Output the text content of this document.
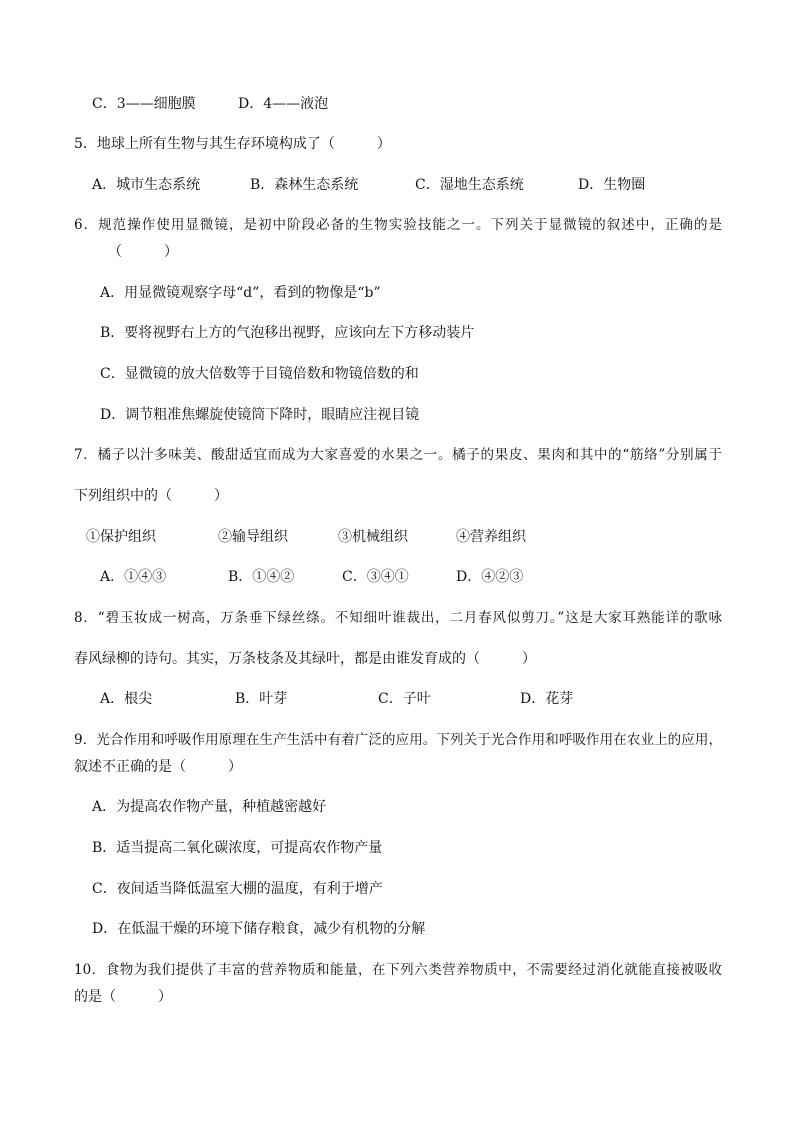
C．3——细胞膜	D．4——液泡
5．地球上所有生物与其生存环境构成了（　　　）
A．城市生态系统	B．森林生态系统	C．湿地生态系统	D．生物圈
6．规范操作使用显微镜，是初中阶段必备的生物实验技能之一。下列关于显微镜的叙述中，正确的是
（　　　）
A．用显微镜观察字母“d”，看到的物像是“b”
B．要将视野右上方的气泡移出视野，应该向左下方移动装片
C．显微镜的放大倍数等于目镜倍数和物镜倍数的和
D．调节粗准焦螺旋使镜筒下降时，眼睛应注视目镜
7．橘子以汁多味美、酸甜适宜而成为大家喜爱的水果之一。橘子的果皮、果肉和其中的“筋络”分别属于
下列组织中的（　　　）
①保护组织	②输导组织	③机械组织	④营养组织
A．①④③	B．①④②	C．③④①	D．④②③
8．“碧玉妆成一树高，万条垂下绿丝绦。不知细叶谁裁出，二月春风似剪刀。”这是大家耳熟能详的歌咏
春风绿柳的诗句。其实，万条枝条及其绿叶，都是由谁发育成的（　　　）
A．根尖	B．叶芽	C．子叶	D．花芽
9．光合作用和呼吸作用原理在生产生活中有着广泛的应用。下列关于光合作用和呼吸作用在农业上的应用，
叙述不正确的是（　　　）
A．为提高农作物产量，种植越密越好
B．适当提高二氧化碳浓度，可提高农作物产量
C．夜间适当降低温室大棚的温度，有利于增产
D．在低温干燥的环境下储存粮食，减少有机物的分解
10．食物为我们提供了丰富的营养物质和能量，在下列六类营养物质中，不需要经过消化就能直接被吸收
的是（　　　）
